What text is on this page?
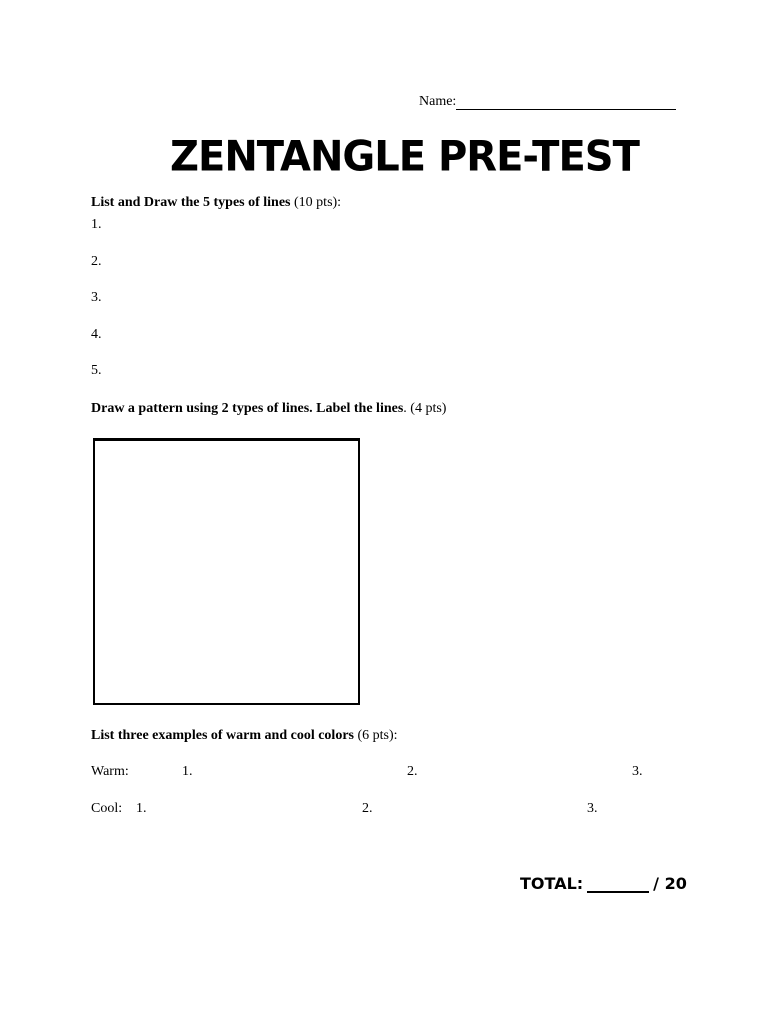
Name:
ZENTANGLE PRE-TEST
List and Draw the 5 types of lines (10 pts):
1.
2.
3.
4.
5.
Draw a pattern using 2 types of lines. Label the lines. (4 pts)
List three examples of warm and cool colors (6 pts):
Warm:	1.	2.	3.
Cool: 1.	2.	3.
TOTAL:	/ 20
